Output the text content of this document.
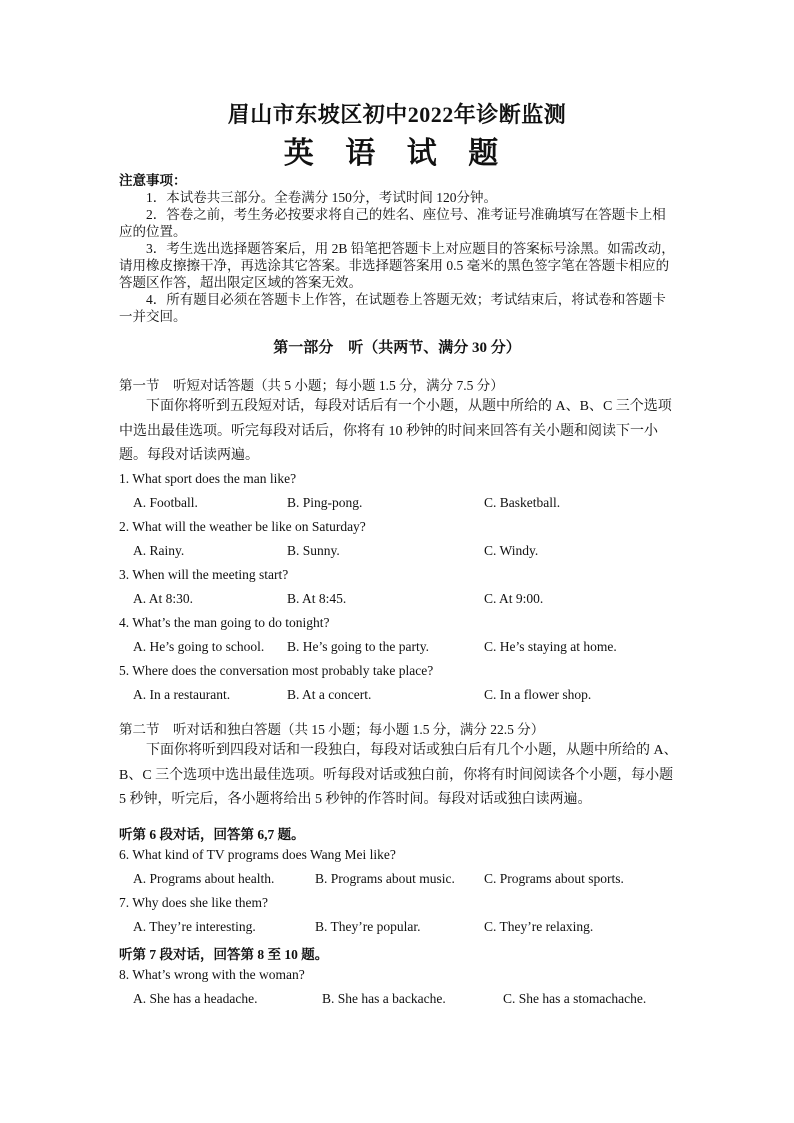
眉山市东坡区初中2022年诊断监测
英 语 试 题
注意事项：

1．本试卷共三部分。全卷满分 150分，考试时间 120分钟。

2．答卷之前，考生务必按要求将自己的姓名、座位号、准考证号准确填写在答题卡上相应的位置。

3．考生选出选择题答案后，用 2B 铅笔把答题卡上对应题目的答案标号涂黑。如需改动，请用橡皮擦擦干净，再选涂其它答案。非选择题答案用 0.5 毫米的黑色签字笔在答题卡相应的答题区作答，超出限定区域的答案无效。

4．所有题目必须在答题卡上作答，在试题卷上答题无效；考试结束后，将试卷和答题卡一并交回。

第一部分　听（共两节、满分 30 分）
第一节　听短对话答题（共 5 小题；每小题 1.5 分，满分 7.5 分）
下面你将听到五段短对话，每段对话后有一个小题，从题中所给的 A、B、C 三个选项中选出最佳选项。听完每段对话后，你将有 10 秒钟的时间来回答有关小题和阅读下一小题。每段对话读两遍。
1. What sport does the man like?
A. Football.	B. Ping-pong.	C. Basketball.
2. What will the weather be like on Saturday?
A. Rainy.	B. Sunny.	C. Windy.
3. When will the meeting start?
A. At 8:30.	B. At 8:45.	C. At 9:00.
4. What’s the man going to do tonight?
A. He’s going to school. B. He’s going to the party.	C. He’s staying at home.
5. Where does the conversation most probably take place?
A. In a restaurant.	B. At a concert.	C. In a flower shop.
第二节　听对话和独白答题（共 15 小题；每小题 1.5 分，满分 22.5 分）
下面你将听到四段对话和一段独白，每段对话或独白后有几个小题，从题中所给的 A、B、C 三个选项中选出最佳选项。听每段对话或独白前，你将有时间阅读各个小题，每小题 5 秒钟，听完后，各小题将给出 5 秒钟的作答时间。每段对话或独白读两遍。
听第 6 段对话，回答第 6,7 题。
6. What kind of TV programs does Wang Mei like?
A. Programs about health.	B. Programs about music. C. Programs about sports.
7. Why does she like them?
A. They’re interesting.	B. They’re popular.	C. They’re relaxing.
听第 7 段对话，回答第 8 至 10 题。
8. What’s wrong with the woman?
A. She has a headache.	B. She has a backache.	C. She has a stomachache.
